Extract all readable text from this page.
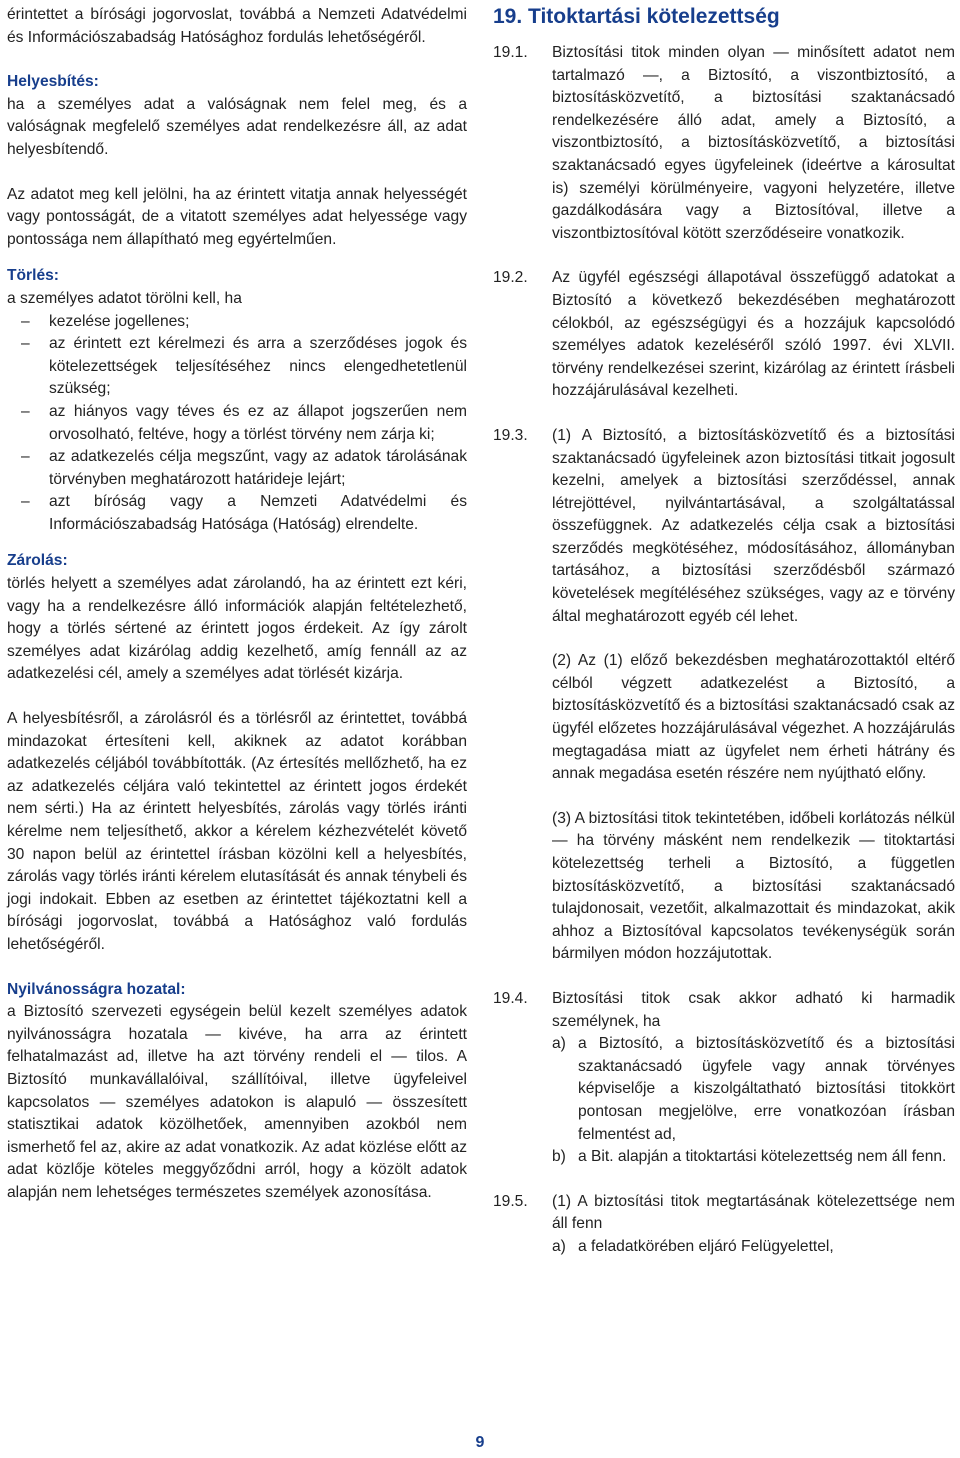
érintettet a bírósági jogorvoslat, továbbá a Nemzeti Adatvédelmi és Információszabadság Hatósághoz fordulás lehetőségéről.

Helyesbítés:

ha a személyes adat a valóságnak nem felel meg, és a valóságnak megfelelő személyes adat rendelkezésre áll, az adat helyesbítendő.

Az adatot meg kell jelölni, ha az érintett vitatja annak helyességét vagy pontosságát, de a vitatott személyes adat helyessége vagy pontossága nem állapítható meg egyértelműen.

Törlés:

a személyes adatot törölni kell, ha

– kezelése jogellenes;
– az érintett ezt kérelmezi és arra a szerződéses jogok és kötelezettségek teljesítéséhez nincs elengedhetetlenül szükség;
– az hiányos vagy téves és ez az állapot jogszerűen nem orvosolható, feltéve, hogy a törlést törvény nem zárja ki;
– az adatkezelés célja megszűnt, vagy az adatok tárolásának törvényben meghatározott határideje lejárt;
– azt bíróság vagy a Nemzeti Adatvédelmi és Információszabadság Hatósága (Hatóság) elrendelte.

Zárolás:

törlés helyett a személyes adat zárolandó, ha az érintett ezt kéri, vagy ha a rendelkezésre álló információk alapján feltételezhető, hogy a törlés sértené az érintett jogos érdekeit. Az így zárolt személyes adat kizárólag addig kezelhető, amíg fennáll az az adatkezelési cél, amely a személyes adat törlését kizárja.

A helyesbítésről, a zárolásról és a törlésről az érintettet, továbbá mindazokat értesíteni kell, akiknek az adatot korábban adatkezelés céljából továbbították. (Az értesítés mellőzhető, ha ez az adatkezelés céljára való tekintettel az érintett jogos érdekét nem sérti.) Ha az érintett helyesbítés, zárolás vagy törlés iránti kérelme nem teljesíthető, akkor a kérelem kézhezvételét követő 30 napon belül az érintettel írásban közölni kell a helyesbítés, zárolás vagy törlés iránti kérelem elutasítását és annak ténybeli és jogi indokait. Ebben az esetben az érintettet tájékoztatni kell a bírósági jogorvoslat, továbbá a Hatósághoz való fordulás lehetőségéről.

Nyilvánosságra hozatal:

a Biztosító szervezeti egységein belül kezelt személyes adatok nyilvánosságra hozatala — kivéve, ha arra az érintett felhatalmazást ad, illetve ha azt törvény rendeli el — tilos. A Biztosító munkavállalóival, szállítóival, illetve ügyfeleivel kapcsolatos — személyes adatokon is alapuló — összesített statisztikai adatok közölhetőek, amennyiben azokból nem ismerhető fel az, akire az adat vonatkozik. Az adat közlése előtt az adat közlője köteles meggyőződni arról, hogy a közölt adatok alapján nem lehetséges természetes személyek azonosítása.

19. Titoktartási kötelezettség
19.1.	Biztosítási titok minden olyan — minősített adatot nem tartalmazó —, a Biztosító, a viszontbiztosító, a biztosításközvetítő, a biztosítási szaktanácsadó rendelkezésére álló adat, amely a Biztosító, a viszontbiztosító, a biztosításközvetítő, a biztosítási szaktanácsadó egyes ügyfeleinek (ideértve a károsultat is) személyi körülményeire, vagyoni helyzetére, illetve gazdálkodására vagy a Biztosítóval, illetve a viszontbiztosítóval kötött szerződéseire vonatkozik.
19.2.	Az ügyfél egészségi állapotával összefüggő adatokat a Biztosító a következő bekezdésében meghatározott célokból, az egészségügyi és a hozzájuk kapcsolódó személyes adatok kezeléséről szóló 1997. évi XLVII. törvény rendelkezései szerint, kizárólag az érintett írásbeli hozzájárulásával kezelheti.
19.3.	(1) A Biztosító, a biztosításközvetítő és a biztosítási szaktanácsadó ügyfeleinek azon biztosítási titkait jogosult kezelni, amelyek a biztosítási szerződéssel, annak létrejöttével, nyilvántartásával, a szolgáltatással összefüggnek. Az adatkezelés célja csak a biztosítási szerződés megkötéséhez, módosításához, állományban tartásához, a biztosítási szerződésből származó követelések megítéléséhez szükséges, vagy az e törvény által meghatározott egyéb cél lehet.
(2) Az (1) előző bekezdésben meghatározottaktól eltérő célból végzett adatkezelést a Biztosító, a biztosításközvetítő és a biztosítási szaktanácsadó csak az ügyfél előzetes hozzájárulásával végezhet. A hozzájárulás megtagadása miatt az ügyfelet nem érheti hátrány és annak megadása esetén részére nem nyújtható előny.
(3) A biztosítási titok tekintetében, időbeli korlátozás nélkül — ha törvény másként nem rendelkezik — titoktartási kötelezettség terheli a Biztosító, a független biztosításközvetítő, a biztosítási szaktanácsadó tulajdonosait, vezetőit, alkalmazottait és mindazokat, akik ahhoz a Biztosítóval kapcsolatos tevékenységük során bármilyen módon hozzájutottak.
19.4.	Biztosítási titok csak akkor adható ki harmadik személynek, ha
a) a Biztosító, a biztosításközvetítő és a biztosítási szaktanácsadó ügyfele vagy annak törvényes képviselője a kiszolgáltatható biztosítási titokkört pontosan megjelölve, erre vonatkozóan írásban felmentést ad,
b) a Bit. alapján a titoktartási kötelezettség nem áll fenn.
19.5.	(1) A biztosítási titok megtartásának kötelezettsége nem áll fenn
a) a feladatkörében eljáró Felügyelettel,
9
